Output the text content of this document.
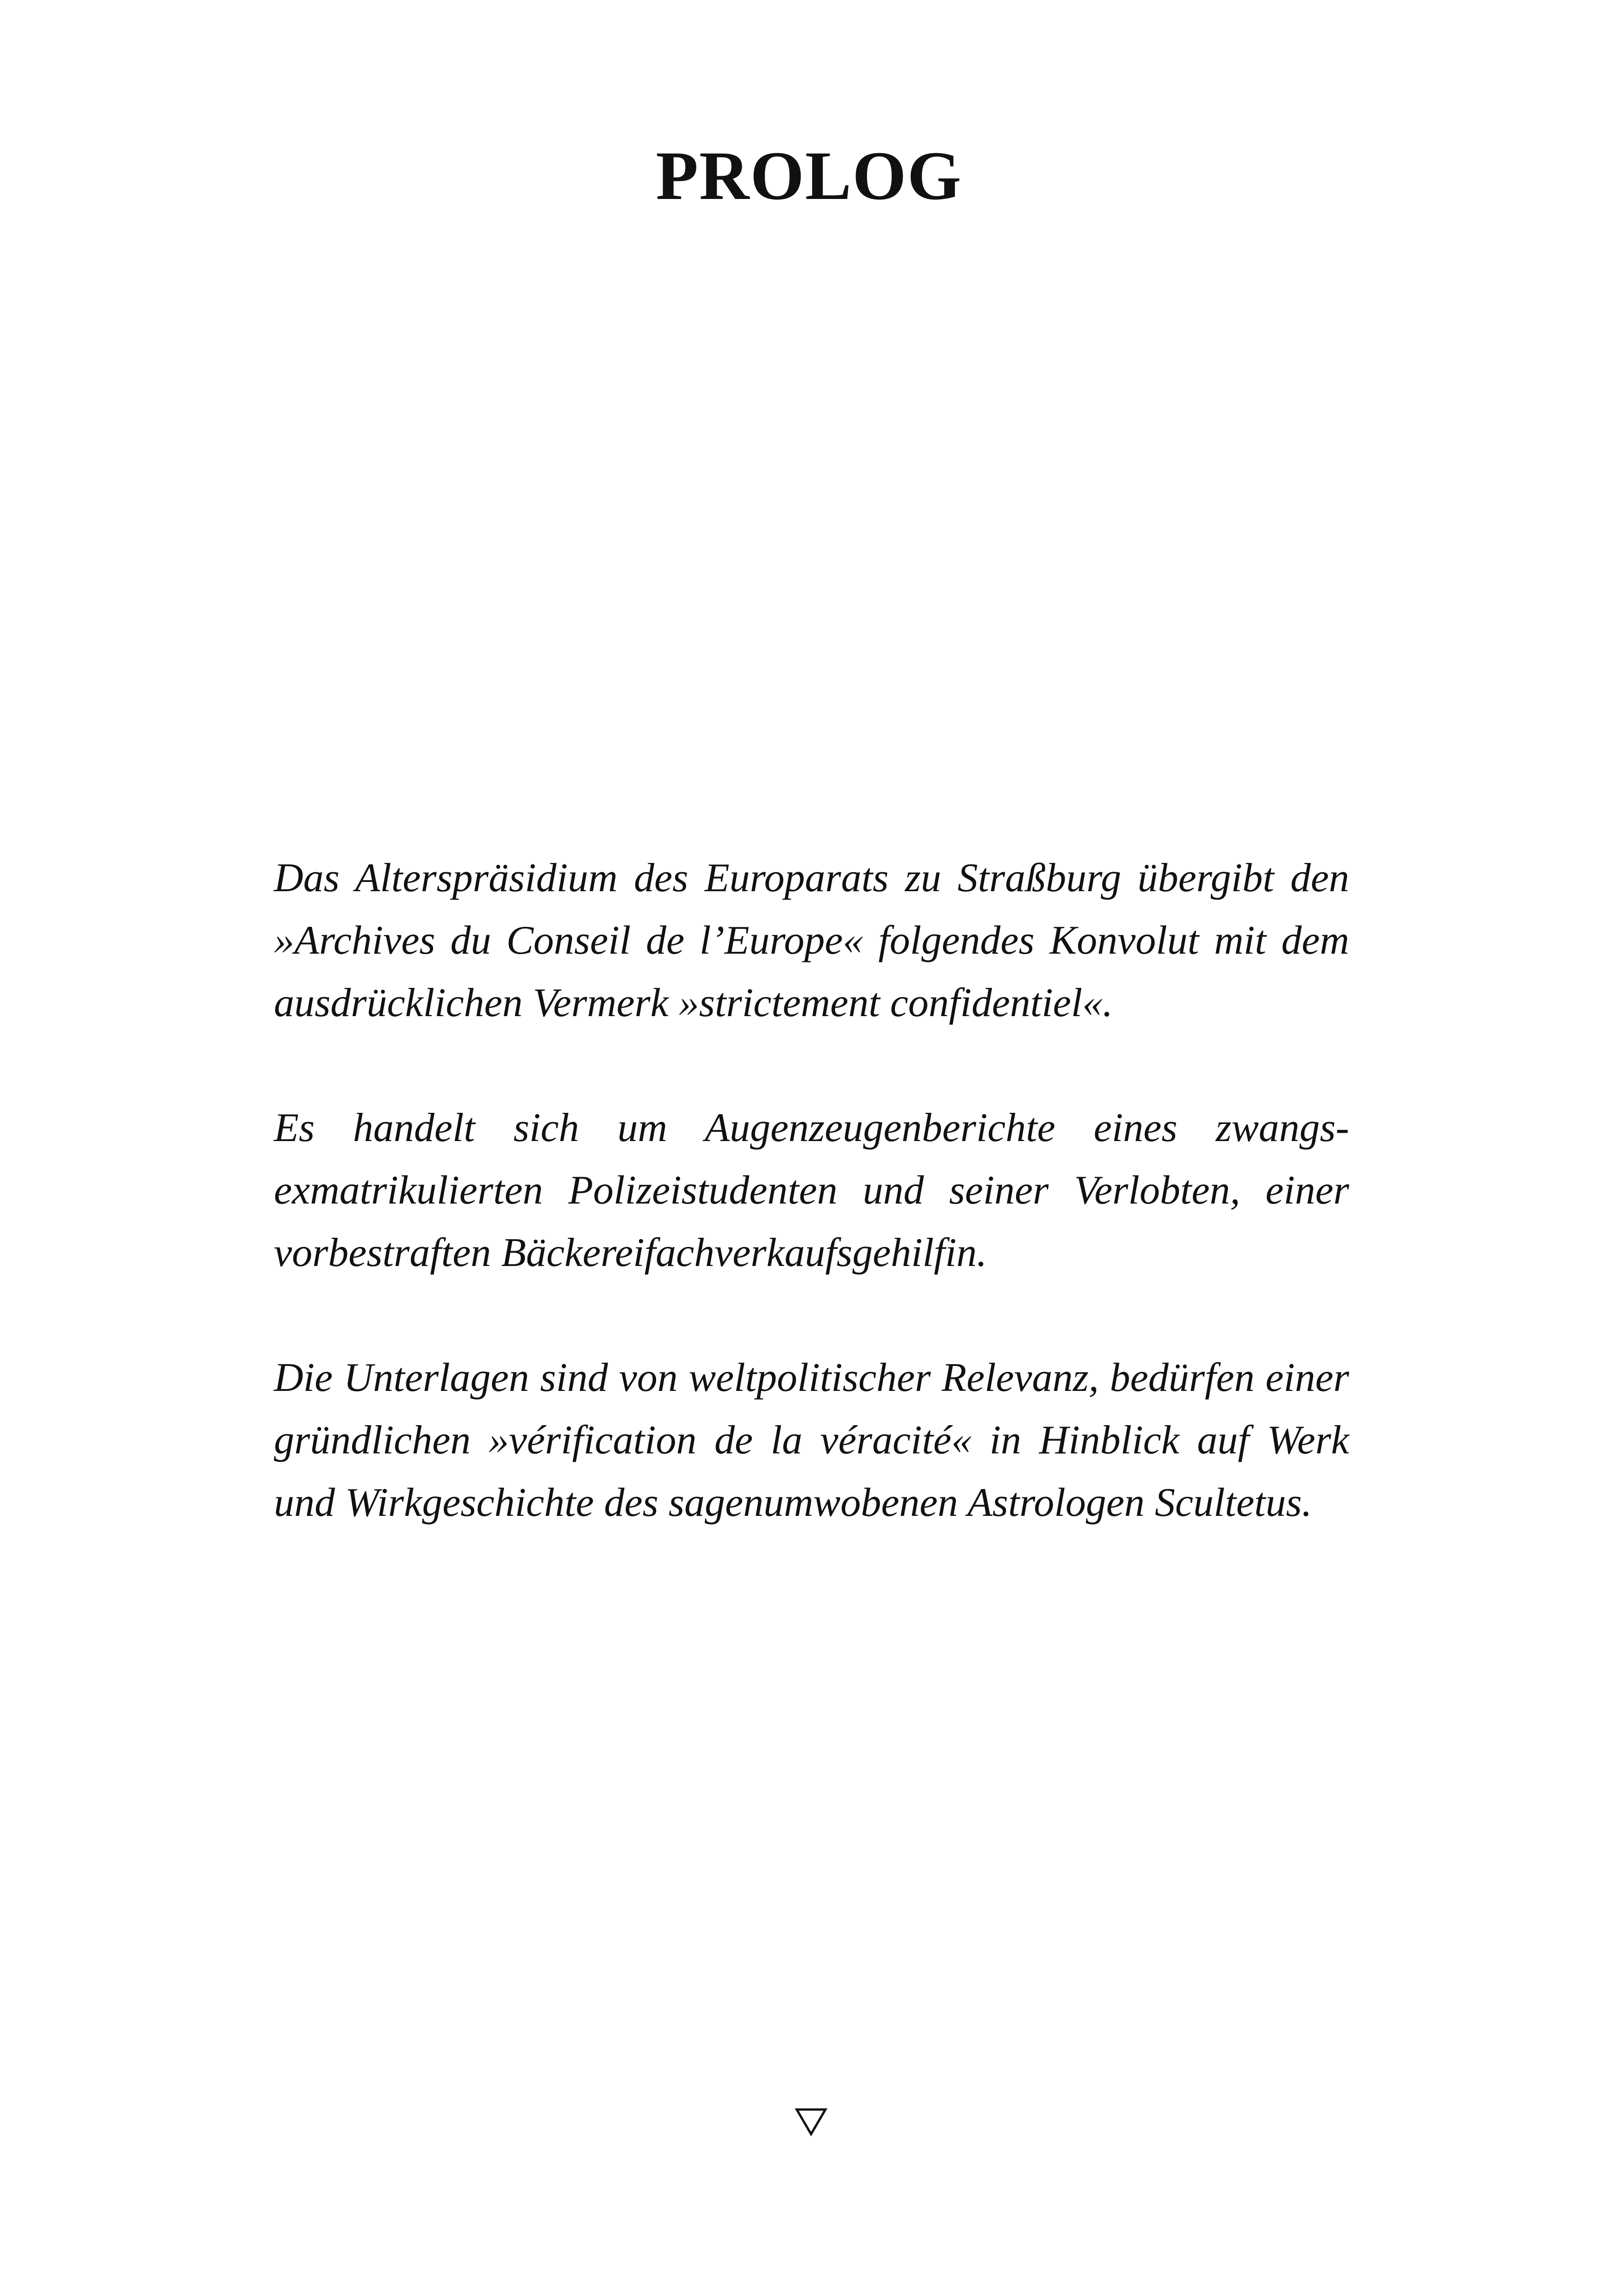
PROLOG

Das Alterspräsidium des Europarats zu Straßburg übergibt den
»Archives du Conseil de l’Europe« folgendes Konvolut mit dem
ausdrücklichen Vermerk »strictement confidentiel«.

Es handelt sich um Augenzeugenberichte eines zwangs-
exmatrikulierten Polizeistudenten und seiner Verlobten, einer
vorbestraften Bäckereifachverkaufsgehilfin.

Die Unterlagen sind von weltpolitischer Relevanz, bedürfen einer
gründlichen »vérification de la véracité« in Hinblick auf Werk
und Wirkgeschichte des sagenumwobenen Astrologen Scultetus.
